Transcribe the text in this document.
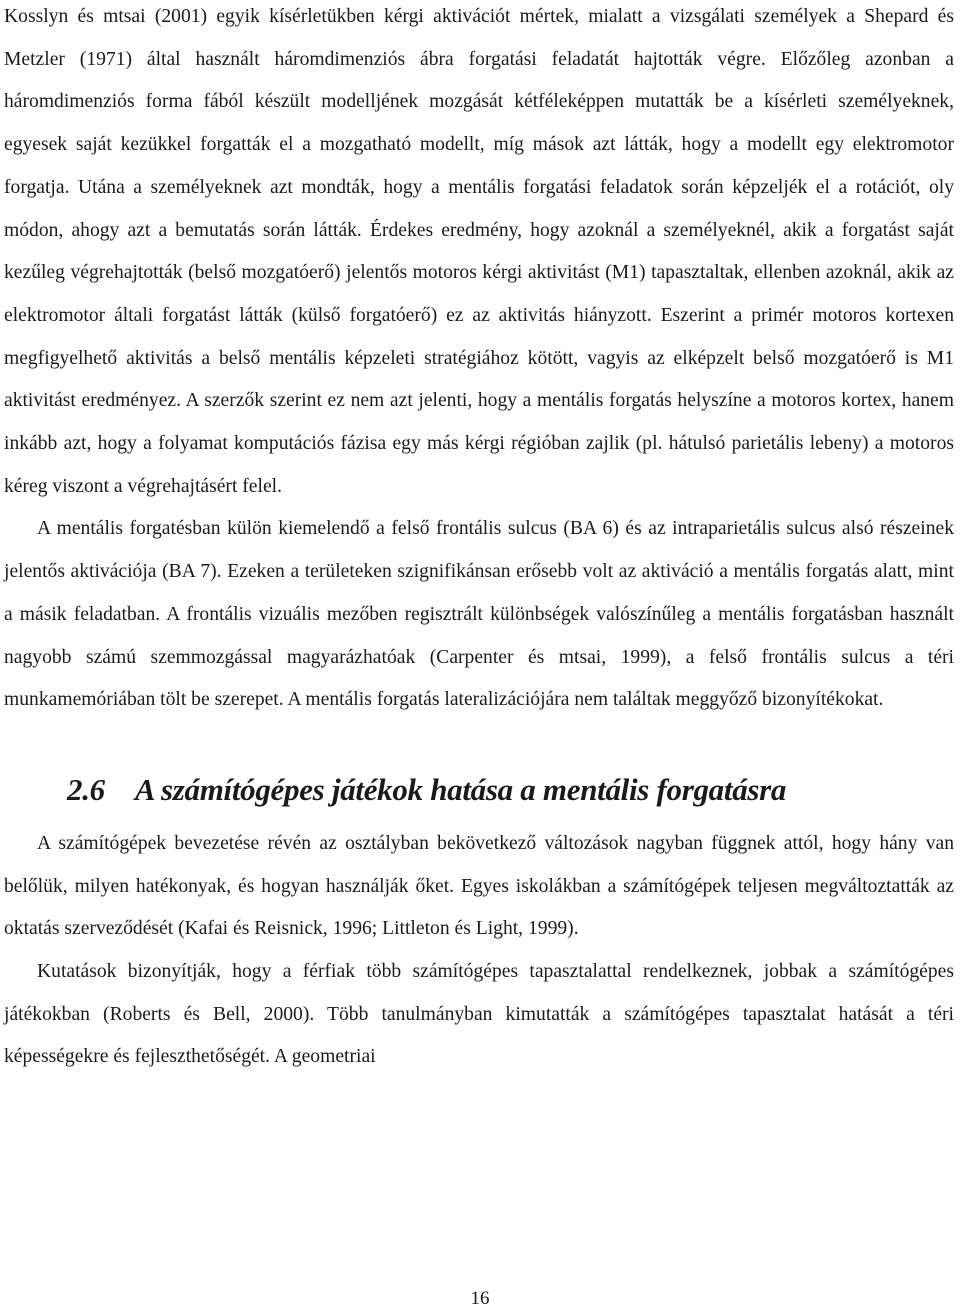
Kosslyn és mtsai (2001) egyik kísérletükben kérgi aktivációt mértek, mialatt a vizsgálati személyek a Shepard és Metzler (1971) által használt háromdimenziós ábra forgatási feladatát hajtották végre. Előzőleg azonban a háromdimenziós forma fából készült modelljének mozgását kétféleképpen mutatták be a kísérleti személyeknek, egyesek saját kezükkel forgatták el a mozgatható modellt, míg mások azt látták, hogy a modellt egy elektromotor forgatja. Utána a személyeknek azt mondták, hogy a mentális forgatási feladatok során képzeljék el a rotációt, oly módon, ahogy azt a bemutatás során látták. Érdekes eredmény, hogy azoknál a személyeknél, akik a forgatást saját kezűleg végrehajtották (belső mozgatóerő) jelentős motoros kérgi aktivitást (M1) tapasztaltak, ellenben azoknál, akik az elektromotor általi forgatást látták (külső forgatóerő) ez az aktivitás hiányzott. Eszerint a primér motoros kortexen megfigyelhető aktivitás a belső mentális képzeleti stratégiához kötött, vagyis az elképzelt belső mozgatóerő is M1 aktivitást eredményez. A szerzők szerint ez nem azt jelenti, hogy a mentális forgatás helyszíne a motoros kortex, hanem inkább azt, hogy a folyamat komputációs fázisa egy más kérgi régióban zajlik (pl. hátulsó parietális lebeny) a motoros kéreg viszont a végrehajtásért felel.

A mentális forgatésban külön kiemelendő a felső frontális sulcus (BA 6) és az intraparietális sulcus alsó részeinek jelentős aktivációja (BA 7). Ezeken a területeken szignifikánsan erősebb volt az aktiváció a mentális forgatás alatt, mint a másik feladatban. A frontális vizuális mezőben regisztrált különbségek valószínűleg a mentális forgatásban használt nagyobb számú szemmozgással magyarázhatóak (Carpenter és mtsai, 1999), a felső frontális sulcus a téri munkamemóriában tölt be szerepet. A mentális forgatás lateralizációjára nem találtak meggyőző bizonyítékokat.

2.6 A számítógépes játékok hatása a mentális forgatásra

A számítógépek bevezetése révén az osztályban bekövetkező változások nagyban függnek attól, hogy hány van belőlük, milyen hatékonyak, és hogyan használják őket. Egyes iskolákban a számítógépek teljesen megváltoztatták az oktatás szerveződését (Kafai és Reisnick, 1996; Littleton és Light, 1999).

Kutatások bizonyítják, hogy a férfiak több számítógépes tapasztalattal rendelkeznek, jobbak a számítógépes játékokban (Roberts és Bell, 2000). Több tanulmányban kimutatták a számítógépes tapasztalat hatását a téri képességekre és fejleszthetőségét. A geometriai

16
